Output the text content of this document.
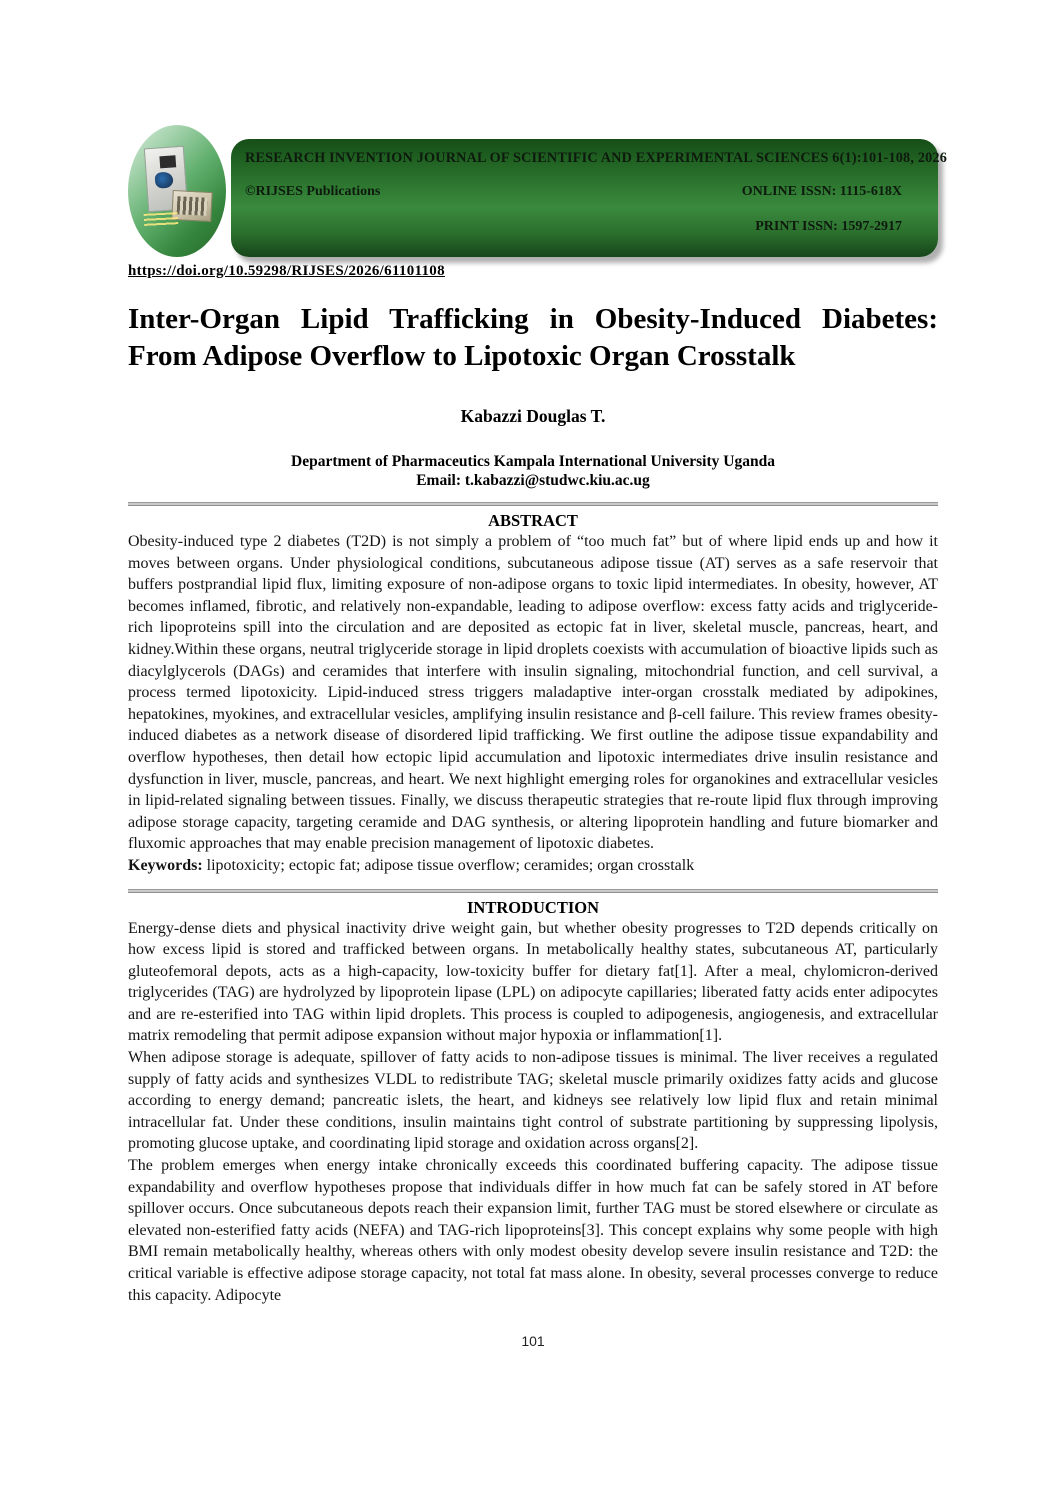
RESEARCH INVENTION JOURNAL OF SCIENTIFIC AND EXPERIMENTAL SCIENCES 6(1):101-108, 2026
©RIJSES Publications	ONLINE ISSN: 1115-618X
PRINT ISSN: 1597-2917
https://doi.org/10.59298/RIJSES/2026/61101108
Inter-Organ Lipid Trafficking in Obesity-Induced Diabetes: From Adipose Overflow to Lipotoxic Organ Crosstalk
Kabazzi Douglas T.
Department of Pharmaceutics Kampala International University Uganda
Email: t.kabazzi@studwc.kiu.ac.ug
ABSTRACT

Obesity-induced type 2 diabetes (T2D) is not simply a problem of “too much fat” but of where lipid ends up and how it moves between organs. Under physiological conditions, subcutaneous adipose tissue (AT) serves as a safe reservoir that buffers postprandial lipid flux, limiting exposure of non-adipose organs to toxic lipid intermediates. In obesity, however, AT becomes inflamed, fibrotic, and relatively non-expandable, leading to adipose overflow: excess fatty acids and triglyceride-rich lipoproteins spill into the circulation and are deposited as ectopic fat in liver, skeletal muscle, pancreas, heart, and kidney.Within these organs, neutral triglyceride storage in lipid droplets coexists with accumulation of bioactive lipids such as diacylglycerols (DAGs) and ceramides that interfere with insulin signaling, mitochondrial function, and cell survival, a process termed lipotoxicity. Lipid-induced stress triggers maladaptive inter-organ crosstalk mediated by adipokines, hepatokines, myokines, and extracellular vesicles, amplifying insulin resistance and β-cell failure. This review frames obesity-induced diabetes as a network disease of disordered lipid trafficking. We first outline the adipose tissue expandability and overflow hypotheses, then detail how ectopic lipid accumulation and lipotoxic intermediates drive insulin resistance and dysfunction in liver, muscle, pancreas, and heart. We next highlight emerging roles for organokines and extracellular vesicles in lipid-related signaling between tissues. Finally, we discuss therapeutic strategies that re-route lipid flux through improving adipose storage capacity, targeting ceramide and DAG synthesis, or altering lipoprotein handling and future biomarker and fluxomic approaches that may enable precision management of lipotoxic diabetes.

Keywords: lipotoxicity; ectopic fat; adipose tissue overflow; ceramides; organ crosstalk
INTRODUCTION

Energy-dense diets and physical inactivity drive weight gain, but whether obesity progresses to T2D depends critically on how excess lipid is stored and trafficked between organs. In metabolically healthy states, subcutaneous AT, particularly gluteofemoral depots, acts as a high-capacity, low-toxicity buffer for dietary fat[1]. After a meal, chylomicron-derived triglycerides (TAG) are hydrolyzed by lipoprotein lipase (LPL) on adipocyte capillaries; liberated fatty acids enter adipocytes and are re-esterified into TAG within lipid droplets. This process is coupled to adipogenesis, angiogenesis, and extracellular matrix remodeling that permit adipose expansion without major hypoxia or inflammation[1].

When adipose storage is adequate, spillover of fatty acids to non-adipose tissues is minimal. The liver receives a regulated supply of fatty acids and synthesizes VLDL to redistribute TAG; skeletal muscle primarily oxidizes fatty acids and glucose according to energy demand; pancreatic islets, the heart, and kidneys see relatively low lipid flux and retain minimal intracellular fat. Under these conditions, insulin maintains tight control of substrate partitioning by suppressing lipolysis, promoting glucose uptake, and coordinating lipid storage and oxidation across organs[2].

The problem emerges when energy intake chronically exceeds this coordinated buffering capacity. The adipose tissue expandability and overflow hypotheses propose that individuals differ in how much fat can be safely stored in AT before spillover occurs. Once subcutaneous depots reach their expansion limit, further TAG must be stored elsewhere or circulate as elevated non-esterified fatty acids (NEFA) and TAG-rich lipoproteins[3]. This concept explains why some people with high BMI remain metabolically healthy, whereas others with only modest obesity develop severe insulin resistance and T2D: the critical variable is effective adipose storage capacity, not total fat mass alone. In obesity, several processes converge to reduce this capacity. Adipocyte

101
